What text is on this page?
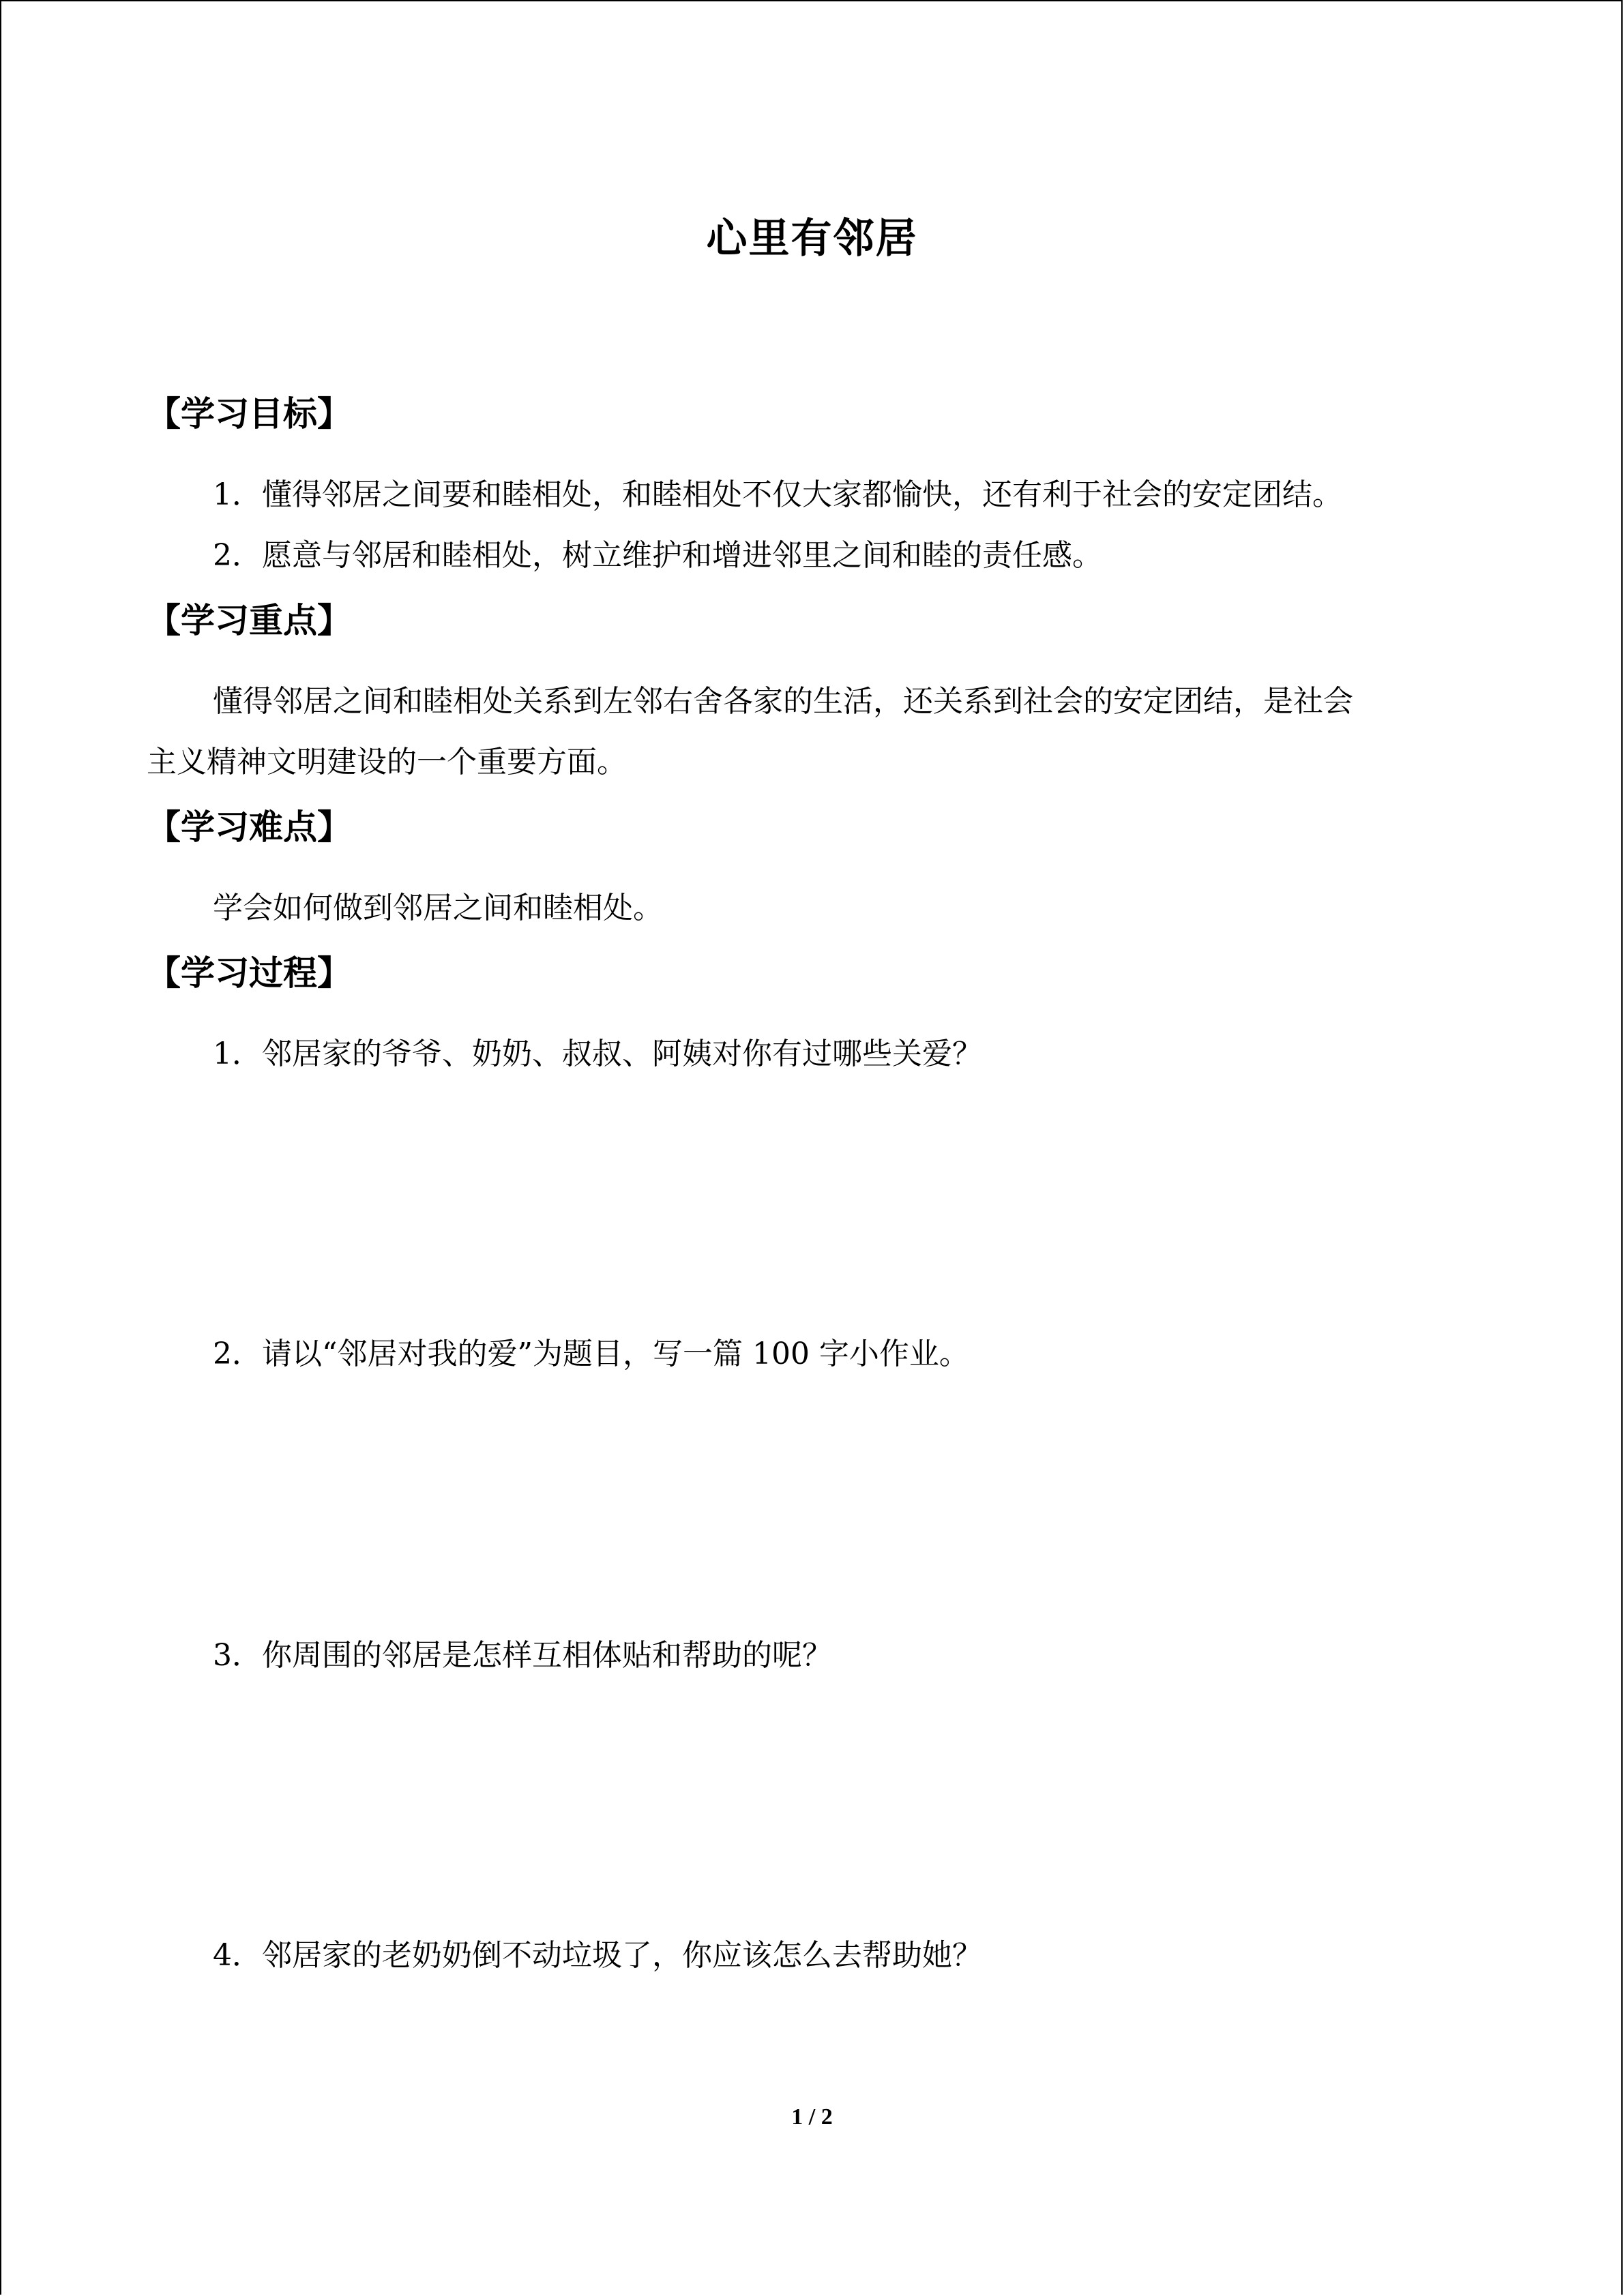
心里有邻居
【学习目标】
1．懂得邻居之间要和睦相处，和睦相处不仅大家都愉快，还有利于社会的安定团结。
2．愿意与邻居和睦相处，树立维护和增进邻里之间和睦的责任感。
【学习重点】
懂得邻居之间和睦相处关系到左邻右舍各家的生活，还关系到社会的安定团结，是社会
主义精神文明建设的一个重要方面。
【学习难点】
学会如何做到邻居之间和睦相处。
【学习过程】
1．邻居家的爷爷、奶奶、叔叔、阿姨对你有过哪些关爱？
2．请以“邻居对我的爱”为题目，写一篇 100 字小作业。
3．你周围的邻居是怎样互相体贴和帮助的呢？
4．邻居家的老奶奶倒不动垃圾了，你应该怎么去帮助她？
1 / 2
